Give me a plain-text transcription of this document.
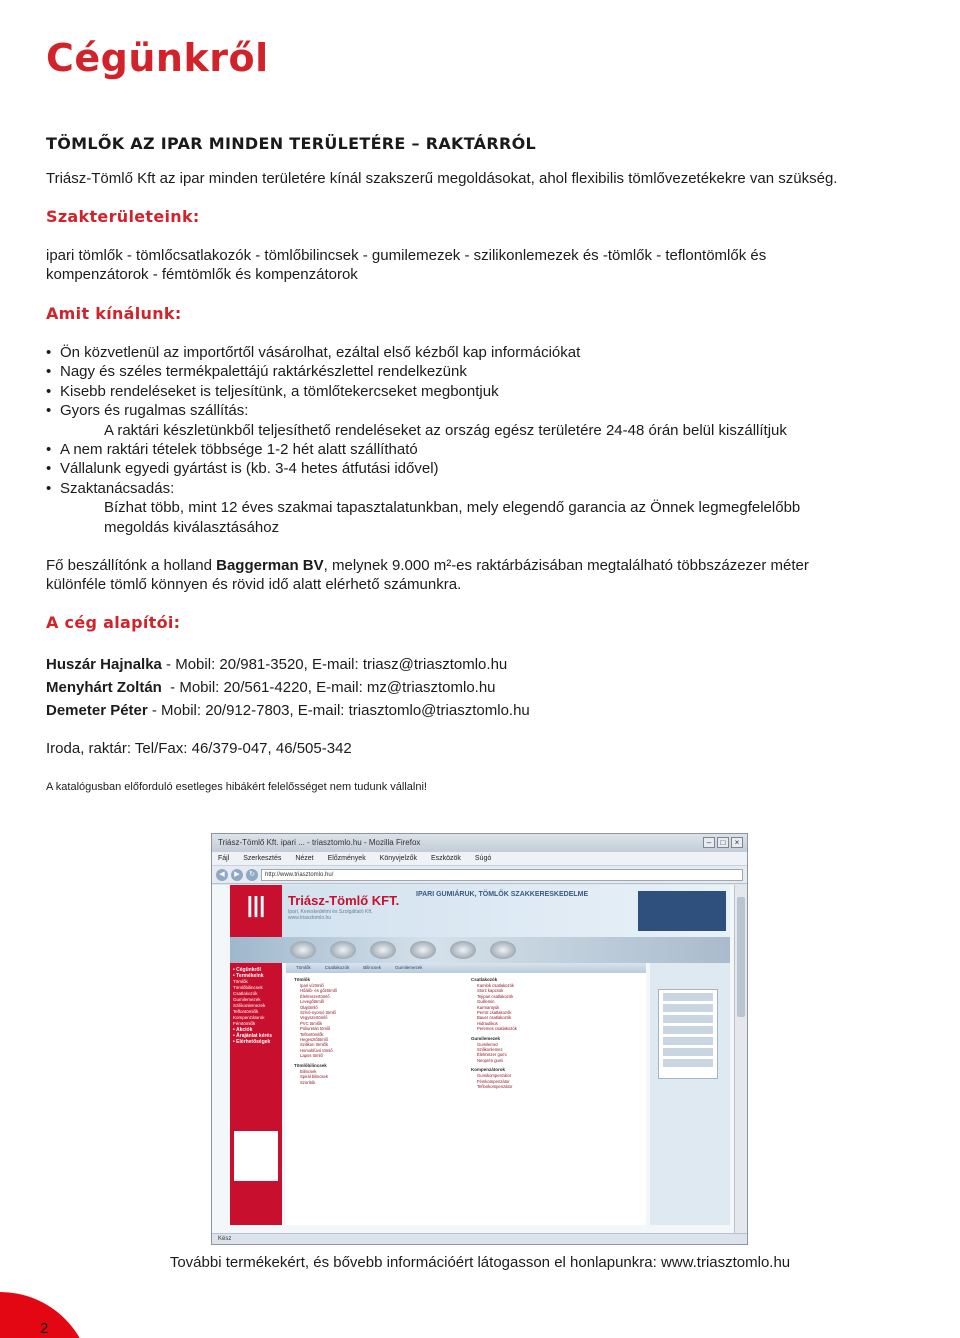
Cégünkről
TÖMLŐK AZ IPAR MINDEN TERÜLETÉRE – RAKTÁRRÓL
Triász-Tömlő Kft az ipar minden területére kínál szakszerű megoldásokat, ahol flexibilis tömlővezetékekre van szükség.
Szakterületeink:
ipari tömlők - tömlőcsatlakozók - tömlőbilincsek - gumilemezek - szilikonlemezek és -tömlők - teflontömlők és
kompenzátorok - fémtömlők és kompenzátorok
Amit kínálunk:
• Ön közvetlenül az importőrtől vásárolhat, ezáltal első kézből kap információkat
• Nagy és széles termékpalettájú raktárkészlettel rendelkezünk
• Kisebb rendeléseket is teljesítünk, a tömlőtekercseket megbontjuk
• Gyors és rugalmas szállítás:
A raktári készletünkből teljesíthető rendeléseket az ország egész területére 24-48 órán belül kiszállítjuk
• A nem raktári tételek többsége 1-2 hét alatt szállítható
• Vállalunk egyedi gyártást is (kb. 3-4 hetes átfutási idővel)
• Szaktanácsadás:
Bízhat több, mint 12 éves szakmai tapasztalatunkban, mely elegendő garancia az Önnek legmegfelelőbb
megoldás kiválasztásához
Fő beszállítónk a holland Baggerman BV, melynek 9.000 m²-es raktárbázisában megtalálható többszázezer méter
különféle tömlő könnyen és rövid idő alatt elérhető számunkra.
A cég alapítói:
Huszár Hajnalka - Mobil: 20/981-3520, E-mail: triasz@triasztomlo.hu
Menyhárt Zoltán  - Mobil: 20/561-4220, E-mail: mz@triasztomlo.hu
Demeter Péter - Mobil: 20/912-7803, E-mail: triasztomlo@triasztomlo.hu
Iroda, raktár: Tel/Fax: 46/379-047, 46/505-342
A katalógusban előforduló esetleges hibákért felelősséget nem tudunk vállalni!
Triász-Tömlő Kft. ipari ... - triasztomlo.hu - Mozilla Firefox	–	□	×
Fájl Szerkesztés Nézet Előzmények Könyvjelzők Eszközök Súgó
◀	▶	↻	http://www.triasztomlo.hu/
|||	Triász-Tömlő KFT.
Ipari, Kereskedelmi és Szolgáltató Kft.
www.triasztomlo.hu
IPARI GUMIÁRUK, TÖMLŐK SZAKKERESKEDELME
• Cégünkről
• Termékeink
Tömlők
Tömlőbilincsek
Csatlakozók
Gumilemezek
Szilikonlemezek
Teflontömlők
Kompenzátorok
Fémtömlők
• Akciók
• Árajánlat kérés
• Elérhetőségek
Tömlők	Csatlakozók	Bilincsek	Gumilemezek
Tömlők
Ipari vízömlő
Hőálló- és gőztömlő
Élelmiszertömlő
Levegőtömlő
Olajtömlő
Szívó-nyomó tömlő
Vegyszertömlő
PVC tömlők
Poliuretán tömlő
Teflontömlők
Hegesztőtömlő
Szilikon tömlők
Homokfúvó tömlő
Lapos tömlő
Tömlőbilincsek
Bilincsek
Spirál bilincsek
Szorítók
Csatlakozók
Kamlok csatlakozók
Storz kapcsok
Tejipari csatlakozók
Guillemin
Karmantyúk
Perrot csatlakozók
Bauer csatlakozók
Hidraulikus
Peremes csatlakozók
Gumilemezek
Gumilemez
Szilikonlemez
Élelmiszer gumi
Neoprén gumi
Kompenzátorok
Gumikompenzátor
Fémkompenzátor
Teflonkompenzátor
Kész
További termékekért, és bővebb információért látogasson el honlapunkra: www.triasztomlo.hu
2
